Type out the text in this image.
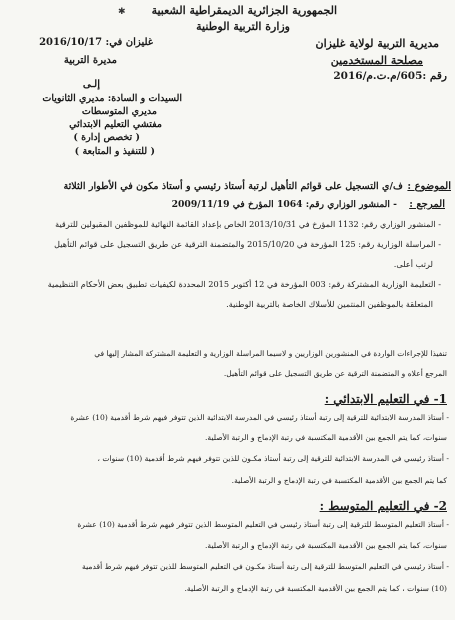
الجمهورية الجزائرية الديمقراطية الشعبية
✱
وزارة التربية الوطنية
مديرية التربية لولاية غليزان
مصلحة المستخدمين
رقم :605/م.ت.م/2016
غليزان في: 2016/10/17
مديرة التربية
إلـى
السيدات و السادة: مديري الثانويات
مديري المتوسطات
مفتشي التعليم الابتدائي
( تخصص إدارة )
( للتنفيذ و المتابعة )
الموضوع :
ف/ي التسجيل على قوائم التأهيل لرتبة أستاذ رئيسي و أستاذ مكون في الأطوار الثلاثة
المرجع :
- المنشور الوزاري رقم: 1064 المؤرخ في 2009/11/19
- المنشور الوزاري رقم: 1132 المؤرخ في 2013/10/31 الخاص بإعداد القائمة النهائية للموظفين المقبولين للترقية
- المراسلة الوزارية رقم: 125 المؤرخة في 2015/10/20 والمتضمنة الترقية عن طريق التسجيل على قوائم التأهيل
لرتب أعلى.
- التعليمة الوزارية المشتركة رقم: 003 المؤرخة في 12 أكتوبر 2015 المحددة لكيفيات تطبيق بعض الأحكام التنظيمية
المتعلقة بالموظفين المنتمين للأسلاك الخاصة بالتربية الوطنية.
تنفيذا للإجراءات الواردة في المنشورين الوزاريين و لاسيما المراسلة الوزارية و التعليمة المشتركة المشار إليها في
المرجع أعلاه و المتضمنة الترقية عن طريق التسجيل على قوائم التأهيل.
1- في التعليم الابتدائي :
- أستاذ المدرسة الابتدائية للترقية إلى رتبة أستاذ رئيسي في المدرسة الابتدائية الذين تتوفر فيهم شرط أقدمية (10) عشرة
سنوات، كما يتم الجمع بين الأقدمية المكتسبة في رتبة الإدماج و الرتبة الأصلية.
- أستاذ رئيسي في المدرسة الابتدائية للترقية إلى رتبة أستاذ مكـون للذين تتوفر فيهم شرط أقدمية (10) سنوات ،
كما يتم الجمع بين الأقدمية المكتسبة في رتبة الإدماج و الرتبة الأصلية.
2- في التعليم المتوسط :
- أستاذ التعليم المتوسط للترقية إلى رتبة أستاذ رئيسي في التعليم المتوسط الذين تتوفر فيهم شرط أقدمية (10) عشرة
سنوات، كما يتم الجمع بين الأقدمية المكتسبة في رتبة الإدماج و الرتبة الأصلية.
- أستاذ رئيسي في التعليم المتوسط للترقية إلى رتبة أستاذ مكـون في التعليم المتوسط للذين تتوفر فيهم شرط أقدمية
(10) سنوات ، كما يتم الجمع بين الأقدمية المكتسبة في رتبة الإدماج و الرتبة الأصلية.
